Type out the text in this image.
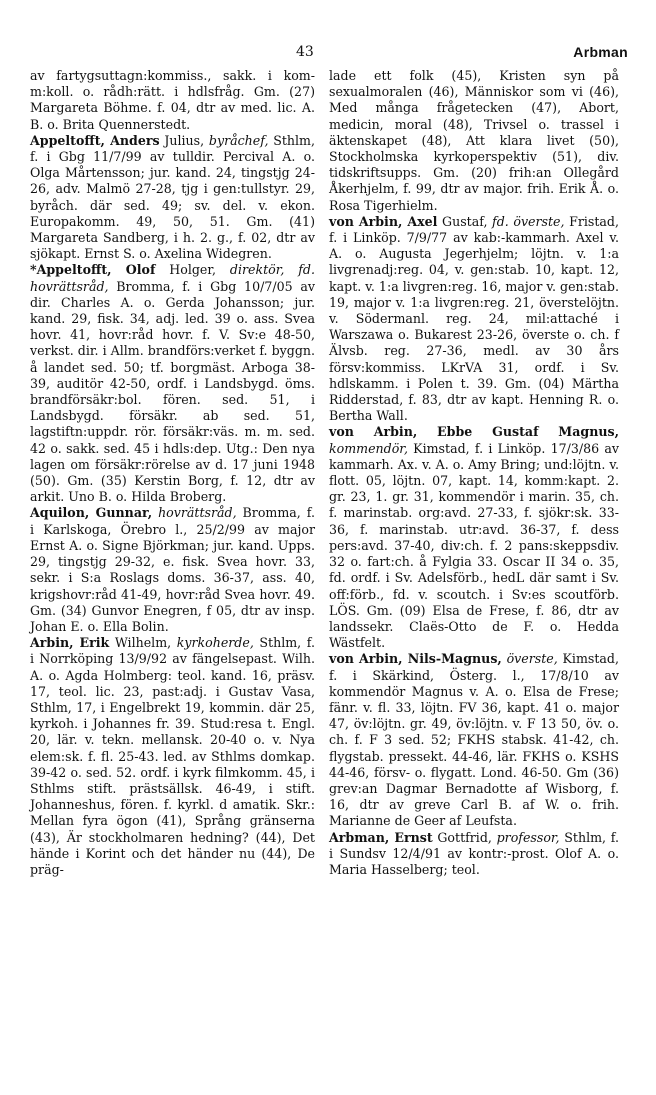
43	Arbman

av fartygsuttagn:kommiss., sakk. i kom-m:koll. o. rådh:rätt. i hdlsfråg. Gm. (27) Margareta Böhme. f. 04, dtr av med. lic. A. B. o. Brita Quennerstedt.

Appeltofft, Anders Julius, byråchef, Sthlm, f. i Gbg 11/7/99 av tulldir. Percival A. o. Olga Mårtensson; jur. kand. 24, tingstjg 24-26, adv. Malmö 27-28, tjg i gen:tullstyr. 29, byråch. där sed. 49; sv. del. v. ekon. Europakomm. 49, 50, 51. Gm. (41) Margareta Sandberg, i h. 2. g., f. 02, dtr av sjökapt. Ernst S. o. Axelina Widegren.

*Appeltofft, Olof Holger, direktör, fd. hovrättsråd, Bromma, f. i Gbg 10/7/05 av dir. Charles A. o. Gerda Johansson; jur. kand. 29, fisk. 34, adj. led. 39 o. ass. Svea hovr. 41, hovr:råd hovr. f. V. Sv:e 48-50, verkst. dir. i Allm. brandförs:verket f. byggn. å landet sed. 50; tf. borgmäst. Arboga 38-39, auditör 42-50, ordf. i Landsbygd. öms. brandförsäkr:bol. fören. sed. 51, i Landsbygd. försäkr. ab sed. 51, lagstiftn:uppdr. rör. försäkr:väs. m. m. sed. 42 o. sakk. sed. 45 i hdls:dep. Utg.: Den nya lagen om försäkr:rörelse av d. 17 juni 1948 (50). Gm. (35) Kerstin Borg, f. 12, dtr av arkit. Uno B. o. Hilda Broberg.

Aquilon, Gunnar, hovrättsråd, Bromma, f. i Karlskoga, Örebro l., 25/2/99 av major Ernst A. o. Signe Björkman; jur. kand. Upps. 29, tingstjg 29-32, e. fisk. Svea hovr. 33, sekr. i S:a Roslags doms. 36-37, ass. 40, krigshovr:råd 41-49, hovr:råd Svea hovr. 49. Gm. (34) Gunvor Enegren, f 05, dtr av insp. Johan E. o. Ella Bolin.

Arbin, Erik Wilhelm, kyrkoherde, Sthlm, f. i Norrköping 13/9/92 av fängelsepast. Wilh. A. o. Agda Holmberg: teol. kand. 16, präsv. 17, teol. lic. 23, past:adj. i Gustav Vasa, Sthlm, 17, i Engelbrekt 19, kommin. där 25, kyrkoh. i Johannes fr. 39. Stud:resa t. Engl. 20, lär. v. tekn. mellansk. 20-40 o. v. Nya elem:sk. f. fl. 25-43. led. av Sthlms domkap. 39-42 o. sed. 52. ordf. i kyrk filmkomm. 45, i Sthlms stift. prästsällsk. 46-49, i stift. Johanneshus, fören. f. kyrkl. d amatik. Skr.: Mellan fyra ögon (41), Språng gränserna (43), Är stockholmaren hedning? (44), Det hände i Korint och det händer nu (44), De präg-

lade ett folk (45), Kristen syn på sexualmoralen (46), Människor som vi (46), Med många frågetecken (47), Abort, medicin, moral (48), Trivsel o. trassel i äktenskapet (48), Att klara livet (50), Stockholmska kyrkoperspektiv (51), div. tidskriftsupps. Gm. (20) frih:an Ollegård Åkerhjelm, f. 99, dtr av major. frih. Erik Å. o. Rosa Tigerhielm.

von Arbin, Axel Gustaf, fd. överste, Fristad, f. i Linköp. 7/9/77 av kab:-kammarh. Axel v. A. o. Augusta Jegerhjelm; löjtn. v. 1:a livgrenadj:reg. 04, v. gen:stab. 10, kapt. 12, kapt. v. 1:a livgren:reg. 16, major v. gen:stab. 19, major v. 1:a livgren:reg. 21, överstelöjtn. v. Södermanl. reg. 24, mil:attaché i Warszawa o. Bukarest 23-26, överste o. ch. f Älvsb. reg. 27-36, medl. av 30 års försv:kommiss. LKrVA 31, ordf. i Sv. hdlskamm. i Polen t. 39. Gm. (04) Märtha Ridderstad, f. 83, dtr av kapt. Henning R. o. Bertha Wall.

von Arbin, Ebbe Gustaf Magnus, kommendör, Kimstad, f. i Linköp. 17/3/86 av kammarh. Ax. v. A. o. Amy Bring; und:löjtn. v. flott. 05, löjtn. 07, kapt. 14, komm:kapt. 2. gr. 23, 1. gr. 31, kommendör i marin. 35, ch. f. marinstab. org:avd. 27-33, f. sjökr:sk. 33-36, f. marinstab. utr:avd. 36-37, f. dess pers:avd. 37-40, div:ch. f. 2 pans:skeppsdiv. 32 o. fart:ch. å Fylgia 33. Oscar II 34 o. 35, fd. ordf. i Sv. Adelsförb., hedL där samt i Sv. off:förb., fd. v. scoutch. i Sv:es scoutförb. LÖS. Gm. (09) Elsa de Frese, f. 86, dtr av landssekr. Claës-Otto de F. o. Hedda Wästfelt.

von Arbin, Nils-Magnus, överste, Kimstad, f. i Skärkind, Österg. l., 17/8/10 av kommendör Magnus v. A. o. Elsa de Frese; fänr. v. fl. 33, löjtn. FV 36, kapt. 41 o. major 47, öv:löjtn. gr. 49, öv:löjtn. v. F 13 50, öv. o. ch. f. F 3 sed. 52; FKHS stabsk. 41-42, ch. flygstab. pressekt. 44-46, lär. FKHS o. KSHS 44-46, försv- o. flygatt. Lond. 46-50. Gm (36) grev:an Dagmar Bernadotte af Wisborg, f. 16, dtr av greve Carl B. af W. o. frih. Marianne de Geer af Leufsta.

Arbman, Ernst Gottfrid, professor, Sthlm, f. i Sundsv 12/4/91 av kontr:-prost. Olof A. o. Maria Hasselberg; teol.
